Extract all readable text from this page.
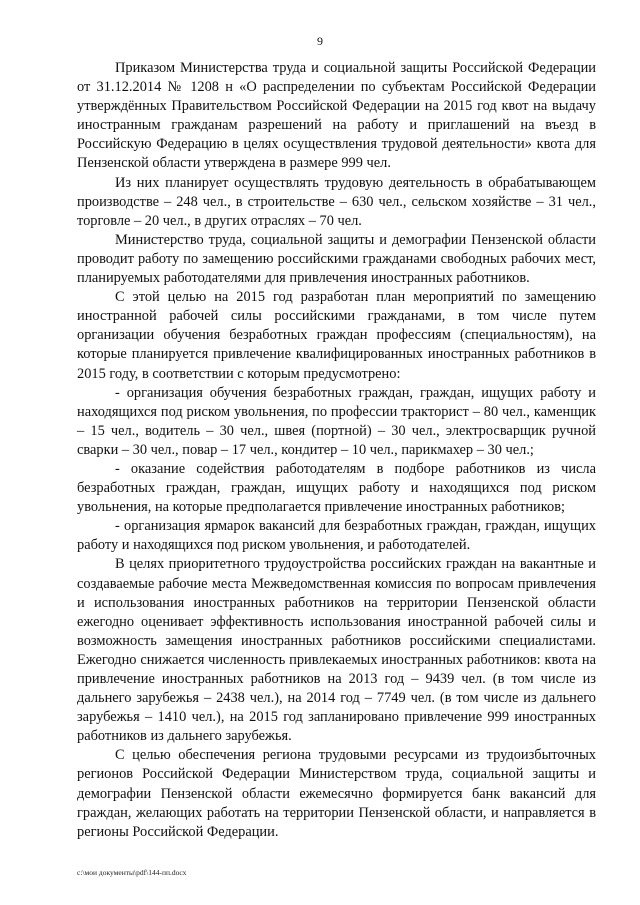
9

Приказом Министерства труда и социальной защиты Российской Федерации от 31.12.2014 № 1208 н «О распределении по субъектам Российской Федерации утверждённых Правительством Российской Федерации на 2015 год квот на выдачу иностранным гражданам разрешений на работу и приглашений на въезд в Российскую Федерацию в целях осуществления трудовой деятельности» квота для Пензенской области утверждена в размере 999 чел.

Из них планирует осуществлять трудовую деятельность в обрабатывающем производстве – 248 чел., в строительстве – 630 чел., сельском хозяйстве – 31 чел., торговле – 20 чел., в других отраслях – 70 чел.

Министерство труда, социальной защиты и демографии Пензенской области проводит работу по замещению российскими гражданами свободных рабочих мест, планируемых работодателями для привлечения иностранных работников.

С этой целью на 2015 год разработан план мероприятий по замещению иностранной рабочей силы российскими гражданами, в том числе путем организации обучения безработных граждан профессиям (специальностям), на которые планируется привлечение квалифицированных иностранных работников в 2015 году, в соответствии с которым предусмотрено:

- организация обучения безработных граждан, граждан, ищущих работу и находящихся под риском увольнения, по профессии тракторист – 80 чел., каменщик – 15 чел., водитель – 30 чел., швея (портной) – 30 чел., электросварщик ручной сварки – 30 чел., повар – 17 чел., кондитер – 10 чел., парикмахер – 30 чел.;

- оказание содействия работодателям в подборе работников из числа безработных граждан, граждан, ищущих работу и находящихся под риском увольнения, на которые предполагается привлечение иностранных работников;

- организация ярмарок вакансий для безработных граждан, граждан, ищущих работу и находящихся под риском увольнения, и работодателей.

В целях приоритетного трудоустройства российских граждан на вакантные и создаваемые рабочие места Межведомственная комиссия по вопросам привлечения и использования иностранных работников на территории Пензенской области ежегодно оценивает эффективность использования иностранной рабочей силы и возможность замещения иностранных работников российскими специалистами. Ежегодно снижается численность привлекаемых иностранных работников: квота на привлечение иностранных работников на 2013 год – 9439 чел. (в том числе из дальнего зарубежья – 2438 чел.), на 2014 год – 7749 чел. (в том числе из дальнего зарубежья – 1410 чел.), на 2015 год запланировано привлечение 999 иностранных работников из дальнего зарубежья.

С целью обеспечения региона трудовыми ресурсами из трудоизбыточных регионов Российской Федерации Министерством труда, социальной защиты и демографии Пензенской области ежемесячно формируется банк вакансий для граждан, желающих работать на территории Пензенской области, и направляется в регионы Российской Федерации.

c:\мои документы\pdf\144-пп.docx
